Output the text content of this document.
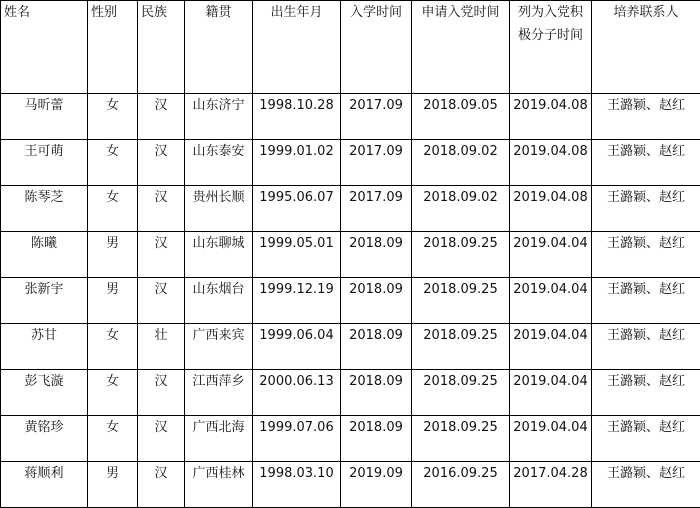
姓名	性别	民族	籍贯	出生年月	入学时间	申请入党时间	列为入党积极分子时间	培养联系人
马昕蕾	女	汉	山东济宁	1998.10.28	2017.09	2018.09.05	2019.04.08	王潞颖、赵红
王可萌	女	汉	山东泰安	1999.01.02	2017.09	2018.09.02	2019.04.08	王潞颖、赵红
陈琴芝	女	汉	贵州长顺	1995.06.07	2017.09	2018.09.02	2019.04.08	王潞颖、赵红
陈曦	男	汉	山东聊城	1999.05.01	2018.09	2018.09.25	2019.04.04	王潞颖、赵红
张新宇	男	汉	山东烟台	1999.12.19	2018.09	2018.09.25	2019.04.04	王潞颖、赵红
苏甘	女	壮	广西来宾	1999.06.04	2018.09	2018.09.25	2019.04.04	王潞颖、赵红
彭飞漩	女	汉	江西萍乡	2000.06.13	2018.09	2018.09.25	2019.04.04	王潞颖、赵红
黄铭珍	女	汉	广西北海	1999.07.06	2018.09	2018.09.25	2019.04.04	王潞颖、赵红
蒋顺利	男	汉	广西桂林	1998.03.10	2019.09	2016.09.25	2017.04.28	王潞颖、赵红
